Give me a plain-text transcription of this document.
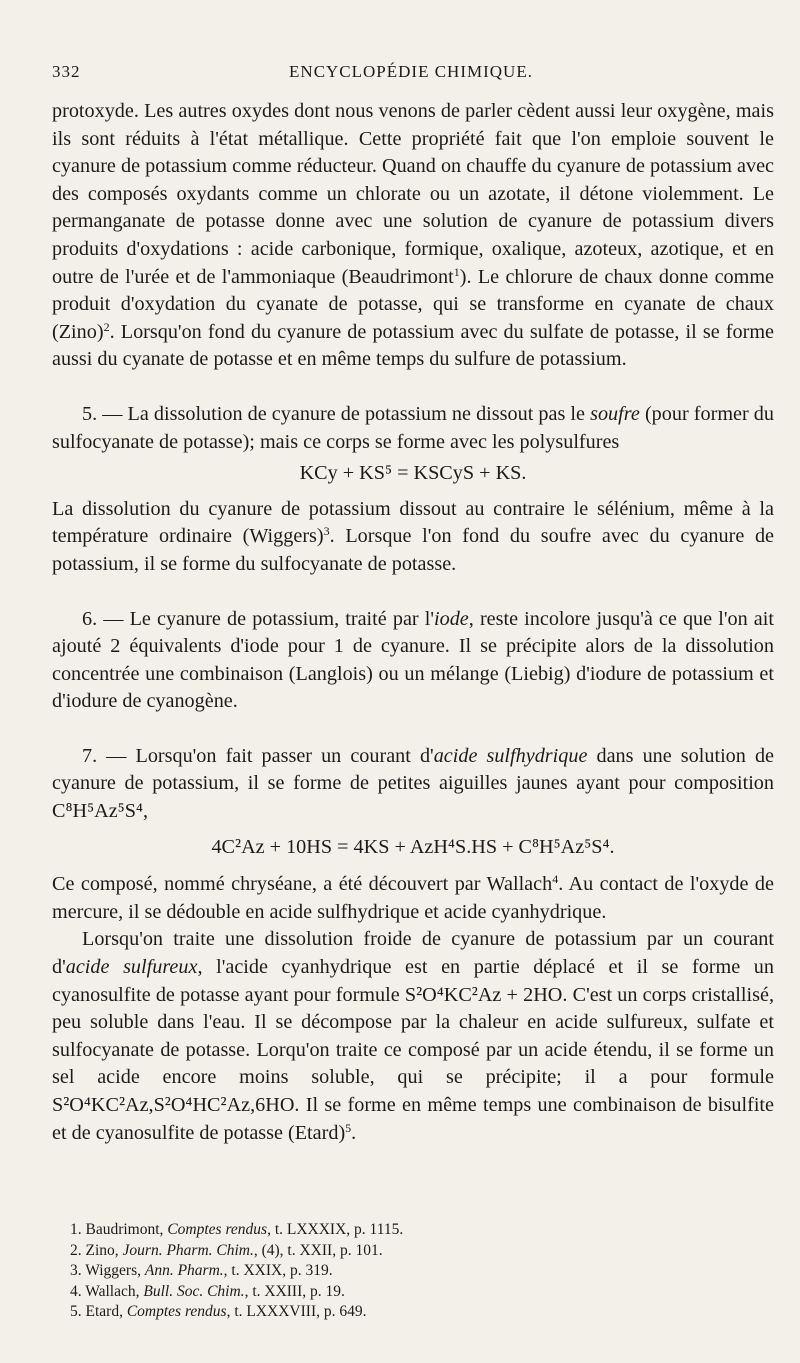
332	ENCYCLOPÉDIE CHIMIQUE.

protoxyde. Les autres oxydes dont nous venons de parler cèdent aussi leur oxygène, mais ils sont réduits à l'état métallique. Cette propriété fait que l'on emploie souvent le cyanure de potassium comme réducteur. Quand on chauffe du cyanure de potassium avec des composés oxydants comme un chlorate ou un azotate, il détone violemment. Le permanganate de potasse donne avec une solution de cyanure de potassium divers produits d'oxydations : acide carbonique, formique, oxalique, azoteux, azotique, et en outre de l'urée et de l'ammoniaque (Beaudrimont$^1$). Le chlorure de chaux donne comme produit d'oxydation du cyanate de potasse, qui se transforme en cyanate de chaux (Zino)$^2$. Lorsqu'on fond du cyanure de potassium avec du sulfate de potasse, il se forme aussi du cyanate de potasse et en même temps du sulfure de potassium.

5. — La dissolution de cyanure de potassium ne dissout pas le soufre (pour former du sulfocyanate de potasse); mais ce corps se forme avec les polysulfures

KCy + KS⁵ = KSCyS + KS.

La dissolution du cyanure de potassium dissout au contraire le sélénium, même à la température ordinaire (Wiggers)$^3$. Lorsque l'on fond du soufre avec du cyanure de potassium, il se forme du sulfocyanate de potasse.

6. — Le cyanure de potassium, traité par l'iode, reste incolore jusqu'à ce que l'on ait ajouté 2 équivalents d'iode pour 1 de cyanure. Il se précipite alors de la dissolution concentrée une combinaison (Langlois) ou un mélange (Liebig) d'iodure de potassium et d'iodure de cyanogène.

7. — Lorsqu'on fait passer un courant d'acide sulfhydrique dans une solution de cyanure de potassium, il se forme de petites aiguilles jaunes ayant pour composition C⁸H⁵Az⁵S⁴,

4C²Az + 10HS = 4KS + AzH⁴S.HS + C⁸H⁵Az⁵S⁴.

Ce composé, nommé chryséane, a été découvert par Wallach$^4$. Au contact de l'oxyde de mercure, il se dédouble en acide sulfhydrique et acide cyanhydrique.

Lorsqu'on traite une dissolution froide de cyanure de potassium par un courant d'acide sulfureux, l'acide cyanhydrique est en partie déplacé et il se forme un cyanosulfite de potasse ayant pour formule S²O⁴KC²Az + 2HO. C'est un corps cristallisé, peu soluble dans l'eau. Il se décompose par la chaleur en acide sulfureux, sulfate et sulfocyanate de potasse. Lorqu'on traite ce composé par un acide étendu, il se forme un sel acide encore moins soluble, qui se précipite; il a pour formule S²O⁴KC²Az,S²O⁴HC²Az,6HO. Il se forme en même temps une combinaison de bisulfite et de cyanosulfite de potasse (Etard)$^5$.

1. Baudrimont, Comptes rendus, t. LXXXIX, p. 1115.
2. Zino, Journ. Pharm. Chim., (4), t. XXII, p. 101.
3. Wiggers, Ann. Pharm., t. XXIX, p. 319.
4. Wallach, Bull. Soc. Chim., t. XXIII, p. 19.
5. Etard, Comptes rendus, t. LXXXVIII, p. 649.
